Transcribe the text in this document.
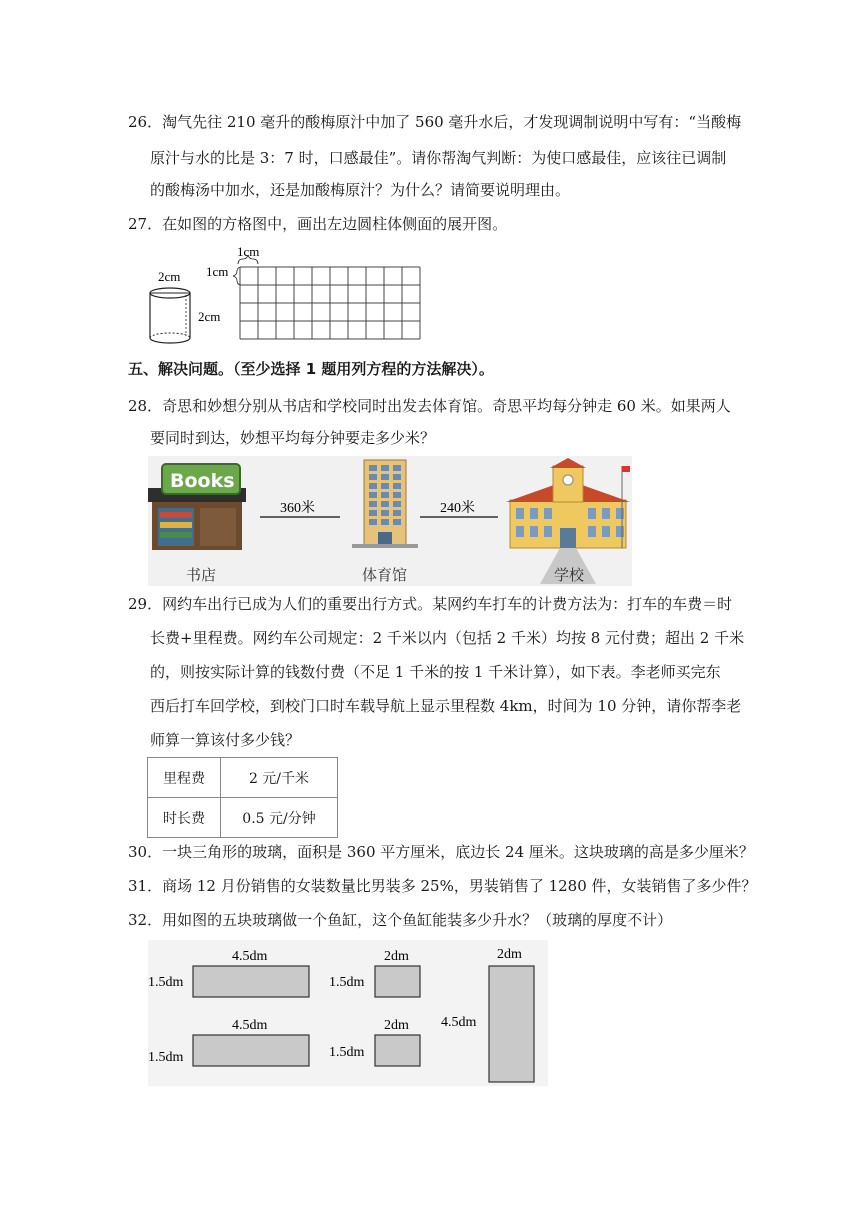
26．淘气先往 210 毫升的酸梅原汁中加了 560 毫升水后，才发现调制说明中写有：“当酸梅
原汁与水的比是 3：7 时，口感最佳”。请你帮淘气判断：为使口感最佳，应该往已调制
的酸梅汤中加水，还是加酸梅原汁？为什么？请简要说明理由。
27．在如图的方格图中，画出左边圆柱体侧面的展开图。
2cm
2cm
1cm
1cm
五、解决问题。（至少选择 1 题用列方程的方法解决）。
28．奇思和妙想分别从书店和学校同时出发去体育馆。奇思平均每分钟走 60 米。如果两人
要同时到达，妙想平均每分钟要走多少米？
Books
360米	240米
书店	体育馆	学校
29．网约车出行已成为人们的重要出行方式。某网约车打车的计费方法为：打车的车费＝时
长费+里程费。网约车公司规定：2 千米以内（包括 2 千米）均按 8 元付费；超出 2 千米
的，则按实际计算的钱数付费（不足 1 千米的按 1 千米计算），如下表。李老师买完东
西后打车回学校，到校门口时车载导航上显示里程数 4km，时间为 10 分钟，请你帮李老
师算一算该付多少钱？
里程费	2 元/千米
时长费	0.5 元/分钟
30．一块三角形的玻璃，面积是 360 平方厘米，底边长 24 厘米。这块玻璃的高是多少厘米？
31．商场 12 月份销售的女装数量比男装多 25%，男装销售了 1280 件，女装销售了多少件？
32．用如图的五块玻璃做一个鱼缸，这个鱼缸能装多少升水？（玻璃的厚度不计）
4.5dm
1.5dm
2dm
1.5dm
4.5dm
1.5dm
2dm
1.5dm
2dm
4.5dm
